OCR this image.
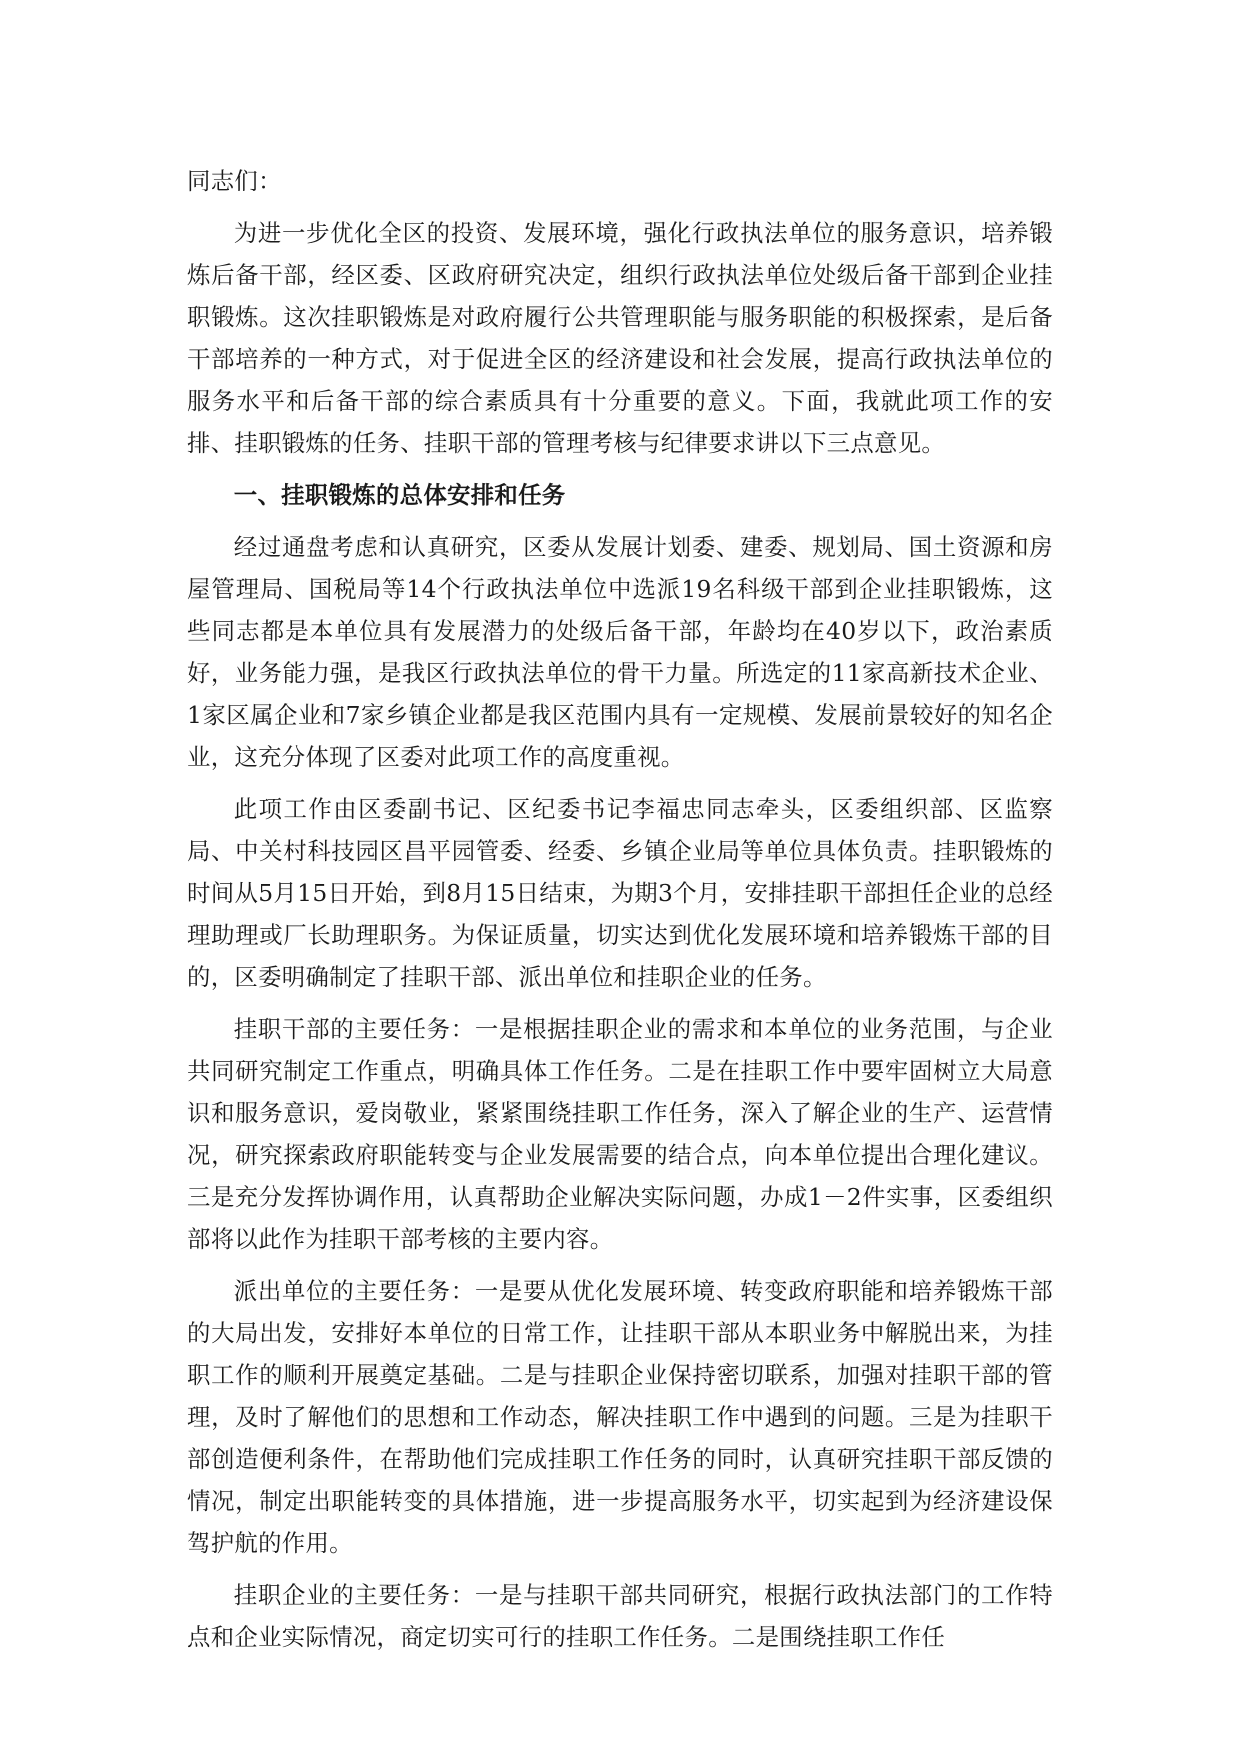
同志们：

为进一步优化全区的投资、发展环境，强化行政执法单位的服务意识，培养锻炼后备干部，经区委、区政府研究决定，组织行政执法单位处级后备干部到企业挂职锻炼。这次挂职锻炼是对政府履行公共管理职能与服务职能的积极探索，是后备干部培养的一种方式，对于促进全区的经济建设和社会发展，提高行政执法单位的服务水平和后备干部的综合素质具有十分重要的意义。下面，我就此项工作的安排、挂职锻炼的任务、挂职干部的管理考核与纪律要求讲以下三点意见。

一、挂职锻炼的总体安排和任务

经过通盘考虑和认真研究，区委从发展计划委、建委、规划局、国土资源和房屋管理局、国税局等14个行政执法单位中选派19名科级干部到企业挂职锻炼，这些同志都是本单位具有发展潜力的处级后备干部，年龄均在40岁以下，政治素质好，业务能力强，是我区行政执法单位的骨干力量。所选定的11家高新技术企业、1家区属企业和7家乡镇企业都是我区范围内具有一定规模、发展前景较好的知名企业，这充分体现了区委对此项工作的高度重视。

此项工作由区委副书记、区纪委书记李福忠同志牵头，区委组织部、区监察局、中关村科技园区昌平园管委、经委、乡镇企业局等单位具体负责。挂职锻炼的时间从5月15日开始，到8月15日结束，为期3个月，安排挂职干部担任企业的总经理助理或厂长助理职务。为保证质量，切实达到优化发展环境和培养锻炼干部的目的，区委明确制定了挂职干部、派出单位和挂职企业的任务。

挂职干部的主要任务：一是根据挂职企业的需求和本单位的业务范围，与企业共同研究制定工作重点，明确具体工作任务。二是在挂职工作中要牢固树立大局意识和服务意识，爱岗敬业，紧紧围绕挂职工作任务，深入了解企业的生产、运营情况，研究探索政府职能转变与企业发展需要的结合点，向本单位提出合理化建议。三是充分发挥协调作用，认真帮助企业解决实际问题，办成1－2件实事，区委组织部将以此作为挂职干部考核的主要内容。

派出单位的主要任务：一是要从优化发展环境、转变政府职能和培养锻炼干部的大局出发，安排好本单位的日常工作，让挂职干部从本职业务中解脱出来，为挂职工作的顺利开展奠定基础。二是与挂职企业保持密切联系，加强对挂职干部的管理，及时了解他们的思想和工作动态，解决挂职工作中遇到的问题。三是为挂职干部创造便利条件，在帮助他们完成挂职工作任务的同时，认真研究挂职干部反馈的情况，制定出职能转变的具体措施，进一步提高服务水平，切实起到为经济建设保驾护航的作用。

挂职企业的主要任务：一是与挂职干部共同研究，根据行政执法部门的工作特点和企业实际情况，商定切实可行的挂职工作任务。二是围绕挂职工作任
